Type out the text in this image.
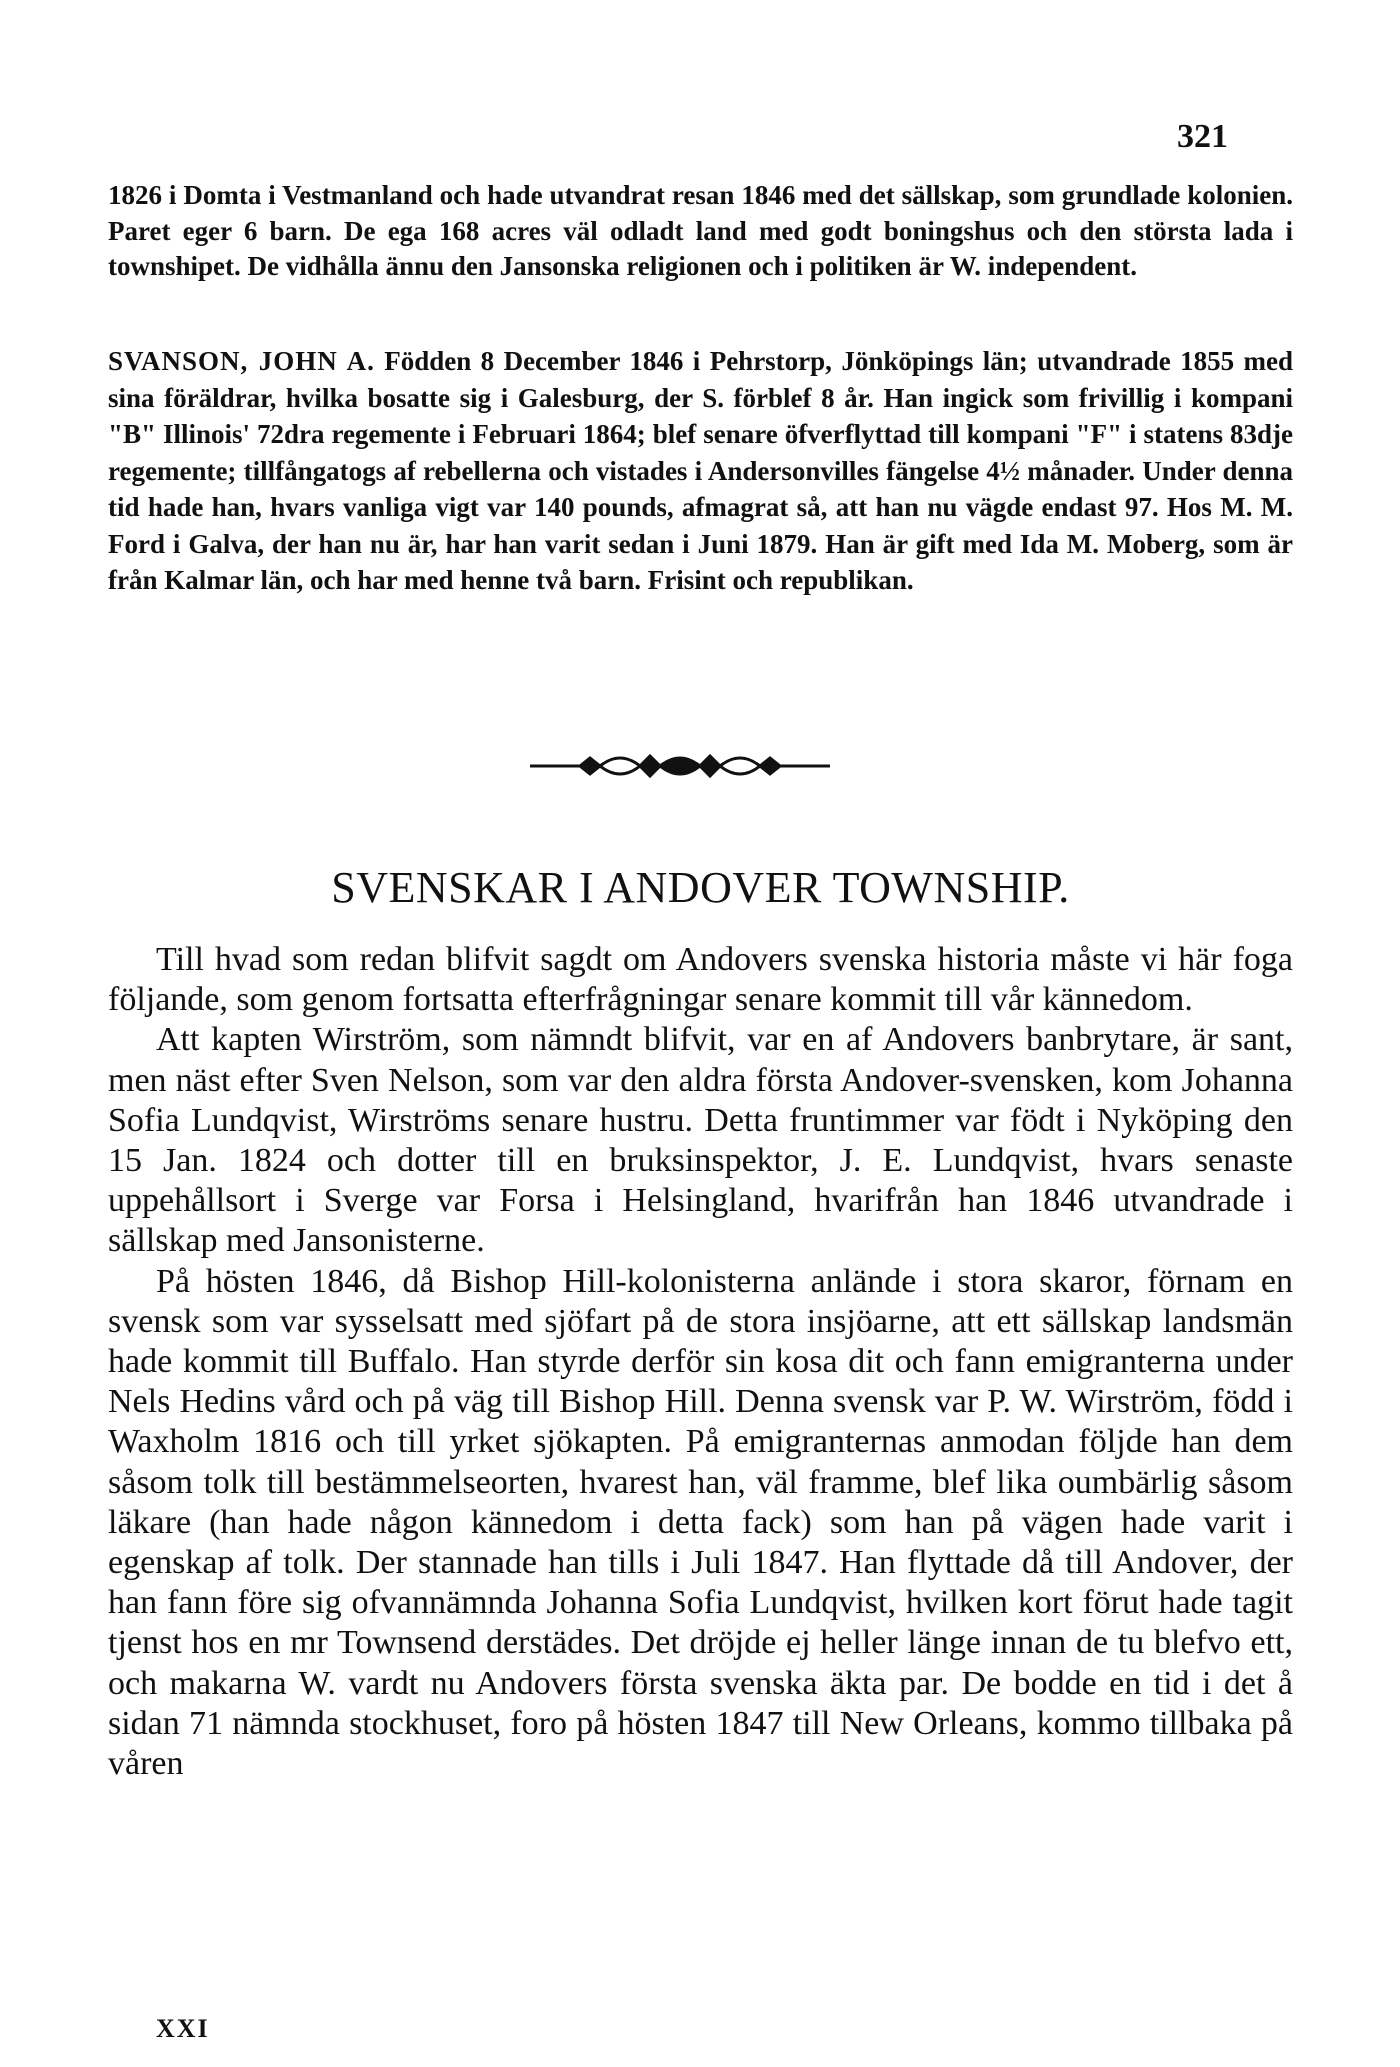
321
1826 i Domta i Vestmanland och hade utvandrat resan 1846 med det sällskap, som grundlade kolonien. Paret eger 6 barn. De ega 168 acres väl odladt land med godt boningshus och den största lada i townshipet. De vidhålla ännu den Jansonska religionen och i politiken är W. independent.
SVANSON, JOHN A. Födden 8 December 1846 i Pehrstorp, Jönköpings län; utvandrade 1855 med sina föräldrar, hvilka bosatte sig i Galesburg, der S. förblef 8 år. Han ingick som frivillig i kompani "B" Illinois' 72dra regemente i Februari 1864; blef senare öfverflyttad till kompani "F" i statens 83dje regemente; tillfångatogs af rebellerna och vistades i Andersonvilles fängelse 4½ månader. Under denna tid hade han, hvars vanliga vigt var 140 pounds, afmagrat så, att han nu vägde endast 97. Hos M. M. Ford i Galva, der han nu är, har han varit sedan i Juni 1879. Han är gift med Ida M. Moberg, som är från Kalmar län, och har med henne två barn. Frisint och republikan.
SVENSKAR I ANDOVER TOWNSHIP.

Till hvad som redan blifvit sagdt om Andovers svenska historia måste vi här foga följande, som genom fortsatta efterfrågningar senare kommit till vår kännedom.

Att kapten Wirström, som nämndt blifvit, var en af Andovers banbrytare, är sant, men näst efter Sven Nelson, som var den aldra första Andover-svensken, kom Johanna Sofia Lundqvist, Wirströms senare hustru. Detta fruntimmer var födt i Nyköping den 15 Jan. 1824 och dotter till en bruksinspektor, J. E. Lundqvist, hvars senaste uppehållsort i Sverge var Forsa i Helsingland, hvarifrån han 1846 utvandrade i sällskap med Jansonisterne.

På hösten 1846, då Bishop Hill-kolonisterna anlände i stora skaror, förnam en svensk som var sysselsatt med sjöfart på de stora insjöarne, att ett sällskap landsmän hade kommit till Buffalo. Han styrde derför sin kosa dit och fann emigranterna under Nels Hedins vård och på väg till Bishop Hill. Denna svensk var P. W. Wirström, född i Waxholm 1816 och till yrket sjökapten. På emigranternas anmodan följde han dem såsom tolk till bestämmelseorten, hvarest han, väl framme, blef lika oumbärlig såsom läkare (han hade någon kännedom i detta fack) som han på vägen hade varit i egenskap af tolk. Der stannade han tills i Juli 1847. Han flyttade då till Andover, der han fann före sig ofvannämnda Johanna Sofia Lundqvist, hvilken kort förut hade tagit tjenst hos en mr Townsend derstädes. Det dröjde ej heller länge innan de tu blefvo ett, och makarna W. vardt nu Andovers första svenska äkta par. De bodde en tid i det å sidan 71 nämnda stockhuset, foro på hösten 1847 till New Orleans, kommo tillbaka på våren

XXI
